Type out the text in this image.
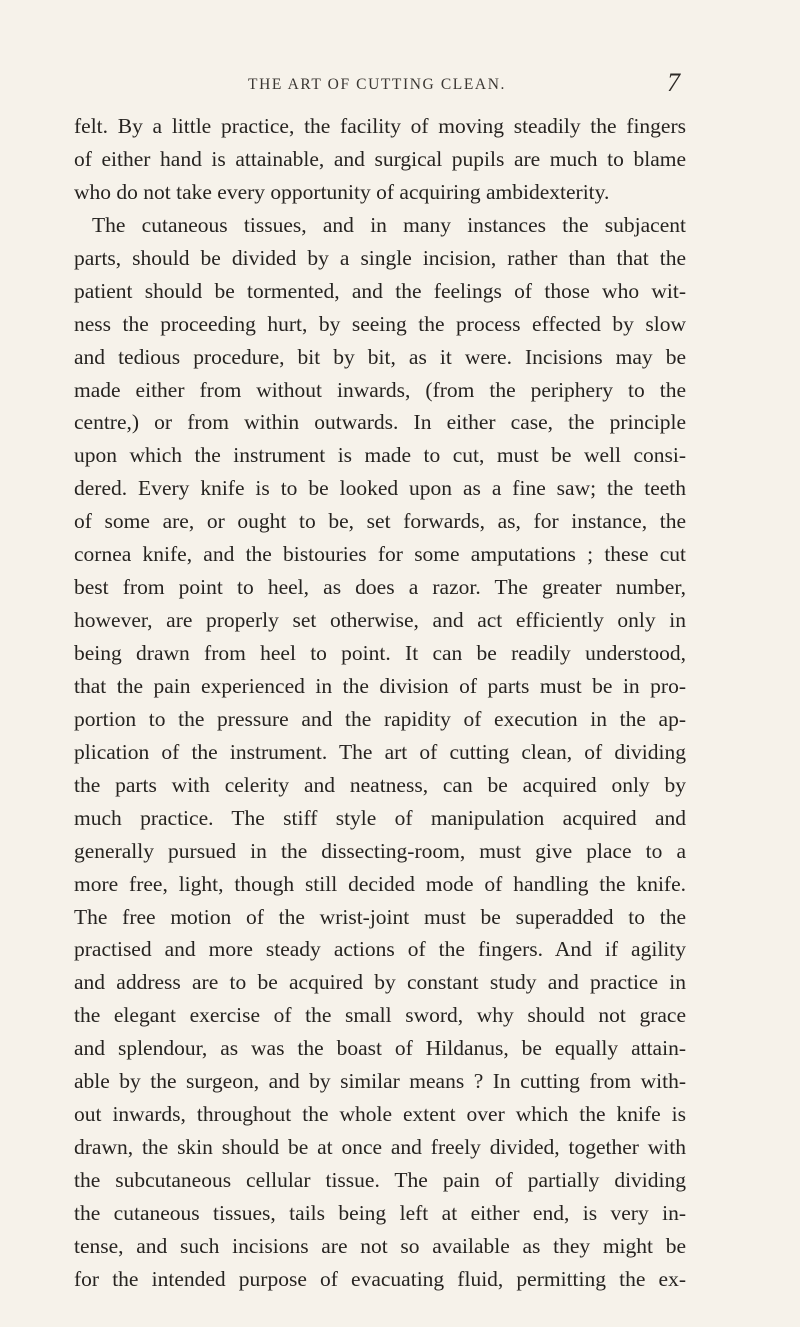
THE ART OF CUTTING CLEAN.	7
felt. By a little practice, the facility of moving steadily the fingers
of either hand is attainable, and surgical pupils are much to blame
who do not take every opportunity of acquiring ambidexterity.
The cutaneous tissues, and in many instances the subjacent
parts, should be divided by a single incision, rather than that the
patient should be tormented, and the feelings of those who wit-
ness the proceeding hurt, by seeing the process effected by slow
and tedious procedure, bit by bit, as it were. Incisions may be
made either from without inwards, (from the periphery to the
centre,) or from within outwards. In either case, the principle
upon which the instrument is made to cut, must be well consi-
dered. Every knife is to be looked upon as a fine saw; the teeth
of some are, or ought to be, set forwards, as, for instance, the
cornea knife, and the bistouries for some amputations ; these cut
best from point to heel, as does a razor. The greater number,
however, are properly set otherwise, and act efficiently only in
being drawn from heel to point. It can be readily understood,
that the pain experienced in the division of parts must be in pro-
portion to the pressure and the rapidity of execution in the ap-
plication of the instrument. The art of cutting clean, of dividing
the parts with celerity and neatness, can be acquired only by
much practice. The stiff style of manipulation acquired and
generally pursued in the dissecting-room, must give place to a
more free, light, though still decided mode of handling the knife.
The free motion of the wrist-joint must be superadded to the
practised and more steady actions of the fingers. And if agility
and address are to be acquired by constant study and practice in
the elegant exercise of the small sword, why should not grace
and splendour, as was the boast of Hildanus, be equally attain-
able by the surgeon, and by similar means ? In cutting from with-
out inwards, throughout the whole extent over which the knife is
drawn, the skin should be at once and freely divided, together with
the subcutaneous cellular tissue. The pain of partially dividing
the cutaneous tissues, tails being left at either end, is very in-
tense, and such incisions are not so available as they might be
for the intended purpose of evacuating fluid, permitting the ex-
